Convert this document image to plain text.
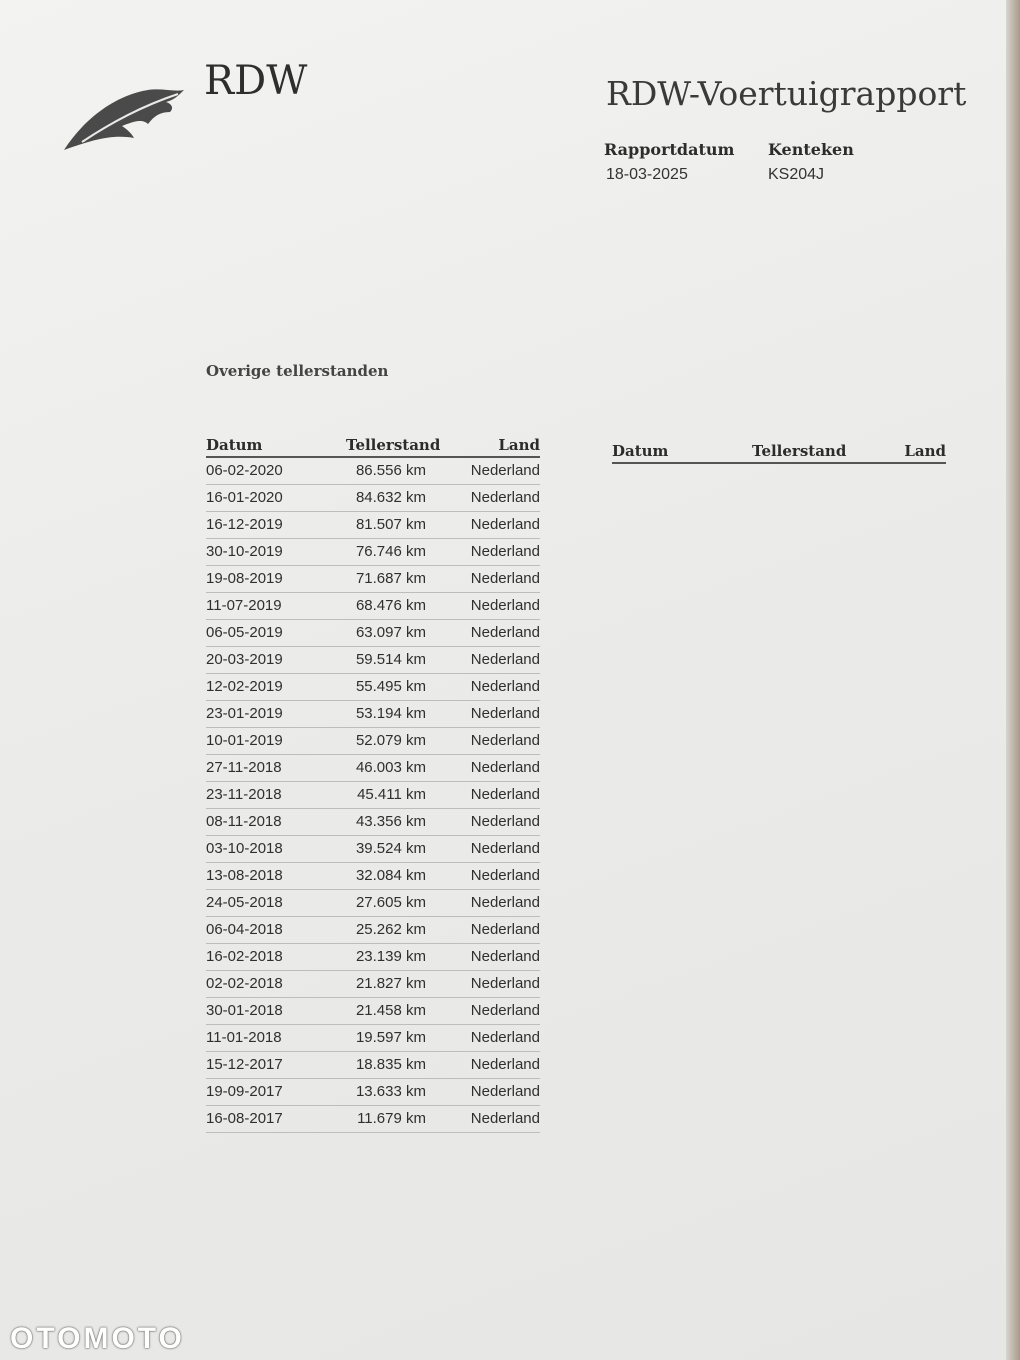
RDW	RDW-Voertuigrapport
Rapportdatum
18-03-2025
Kenteken
KS204J
Overige tellerstanden
Datum	Tellerstand	Land
06-02-2020	86.556 km	Nederland
16-01-2020	84.632 km	Nederland
16-12-2019	81.507 km	Nederland
30-10-2019	76.746 km	Nederland
19-08-2019	71.687 km	Nederland
11-07-2019	68.476 km	Nederland
06-05-2019	63.097 km	Nederland
20-03-2019	59.514 km	Nederland
12-02-2019	55.495 km	Nederland
23-01-2019	53.194 km	Nederland
10-01-2019	52.079 km	Nederland
27-11-2018	46.003 km	Nederland
23-11-2018	45.411 km	Nederland
08-11-2018	43.356 km	Nederland
03-10-2018	39.524 km	Nederland
13-08-2018	32.084 km	Nederland
24-05-2018	27.605 km	Nederland
06-04-2018	25.262 km	Nederland
16-02-2018	23.139 km	Nederland
02-02-2018	21.827 km	Nederland
30-01-2018	21.458 km	Nederland
11-01-2018	19.597 km	Nederland
15-12-2017	18.835 km	Nederland
19-09-2017	13.633 km	Nederland
16-08-2017	11.679 km	Nederland
Datum	Tellerstand	Land
OTOMOTO
